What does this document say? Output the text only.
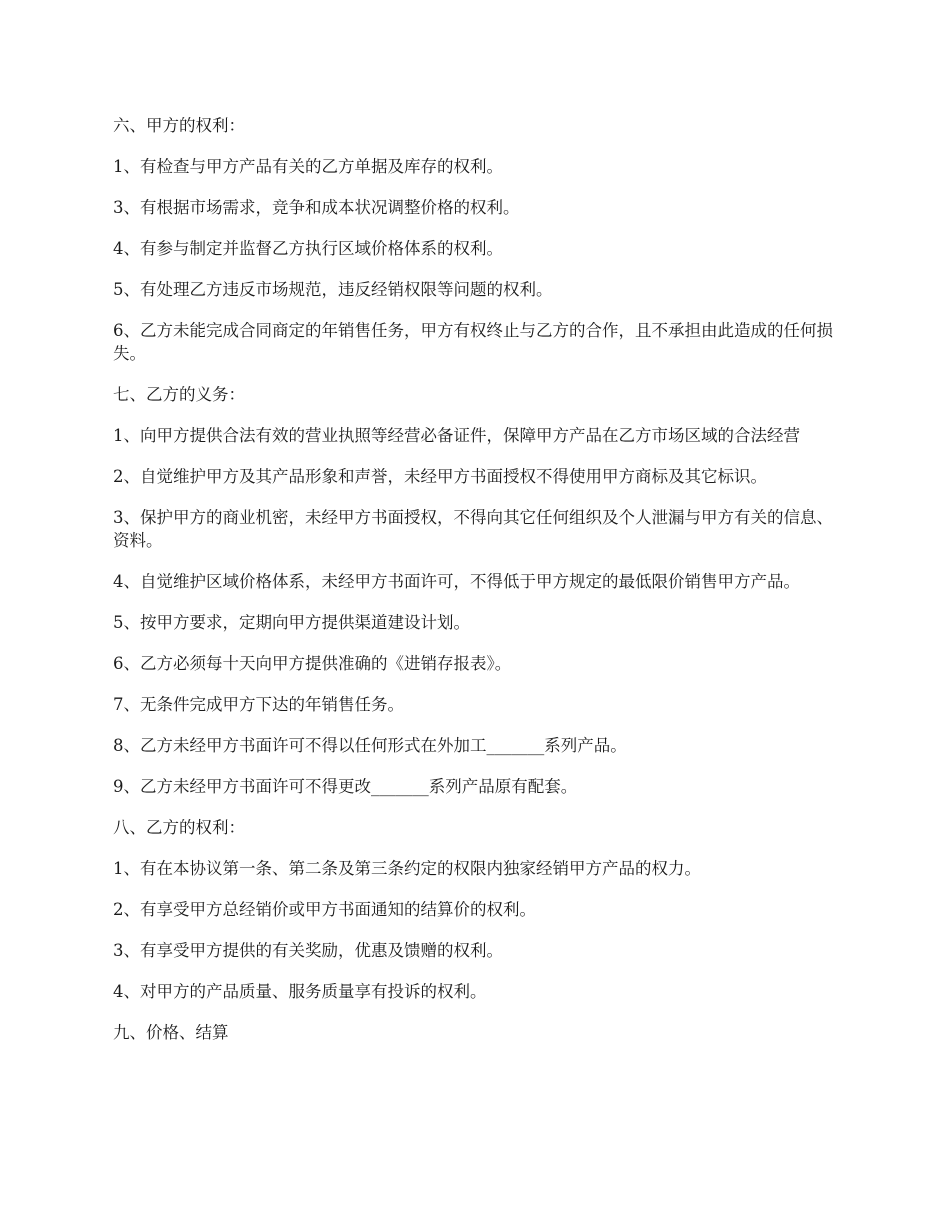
六、甲方的权利：

1、有检查与甲方产品有关的乙方单据及库存的权利。

3、有根据市场需求，竞争和成本状况调整价格的权利。

4、有参与制定并监督乙方执行区域价格体系的权利。

5、有处理乙方违反市场规范，违反经销权限等问题的权利。

6、乙方未能完成合同商定的年销售任务，甲方有权终止与乙方的合作，且不承担由此造成的任何损失。

七、乙方的义务：

1、向甲方提供合法有效的营业执照等经营必备证件，保障甲方产品在乙方市场区域的合法经营

2、自觉维护甲方及其产品形象和声誉，未经甲方书面授权不得使用甲方商标及其它标识。

3、保护甲方的商业机密，未经甲方书面授权，不得向其它任何组织及个人泄漏与甲方有关的信息、资料。

4、自觉维护区域价格体系，未经甲方书面许可，不得低于甲方规定的最低限价销售甲方产品。

5、按甲方要求，定期向甲方提供渠道建设计划。

6、乙方必须每十天向甲方提供准确的《进销存报表》。

7、无条件完成甲方下达的年销售任务。

8、乙方未经甲方书面许可不得以任何形式在外加工_______系列产品。

9、乙方未经甲方书面许可不得更改_______系列产品原有配套。

八、乙方的权利：

1、有在本协议第一条、第二条及第三条约定的权限内独家经销甲方产品的权力。

2、有享受甲方总经销价或甲方书面通知的结算价的权利。

3、有享受甲方提供的有关奖励，优惠及馈赠的权利。

4、对甲方的产品质量、服务质量享有投诉的权利。

九、价格、结算
